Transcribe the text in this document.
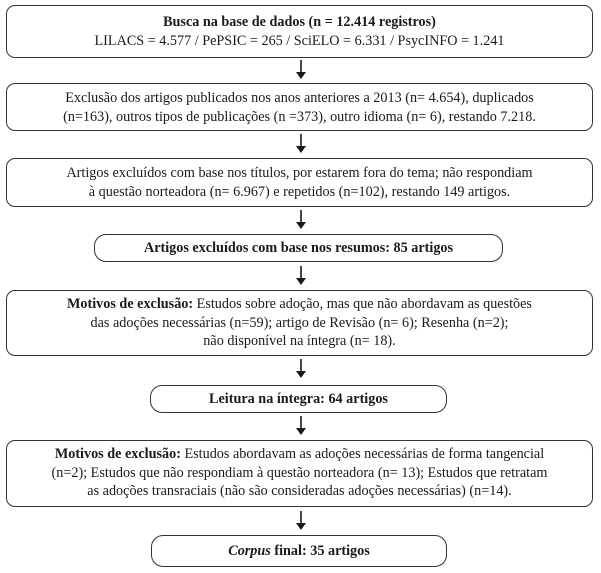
Busca na base de dados (n = 12.414 registros)
LILACS = 4.577 / PePSIC = 265 / SciELO = 6.331 / PsycINFO = 1.241
Exclusão dos artigos publicados nos anos anteriores a 2013 (n= 4.654), duplicados
(n=163), outros tipos de publicações (n =373), outro idioma (n= 6), restando 7.218.
Artigos excluídos com base nos títulos, por estarem fora do tema; não respondiam
à questão norteadora (n= 6.967) e repetidos (n=102), restando 149 artigos.
Artigos excluídos com base nos resumos: 85 artigos
Motivos de exclusão: Estudos sobre adoção, mas que não abordavam as questões
das adoções necessárias (n=59); artigo de Revisão (n= 6); Resenha (n=2);
não disponível na íntegra (n= 18).
Leitura na íntegra: 64 artigos
Motivos de exclusão: Estudos abordavam as adoções necessárias de forma tangencial
(n=2); Estudos que não respondiam à questão norteadora (n= 13); Estudos que retratam
as adoções transraciais (não são consideradas adoções necessárias) (n=14).
Corpus final: 35 artigos
